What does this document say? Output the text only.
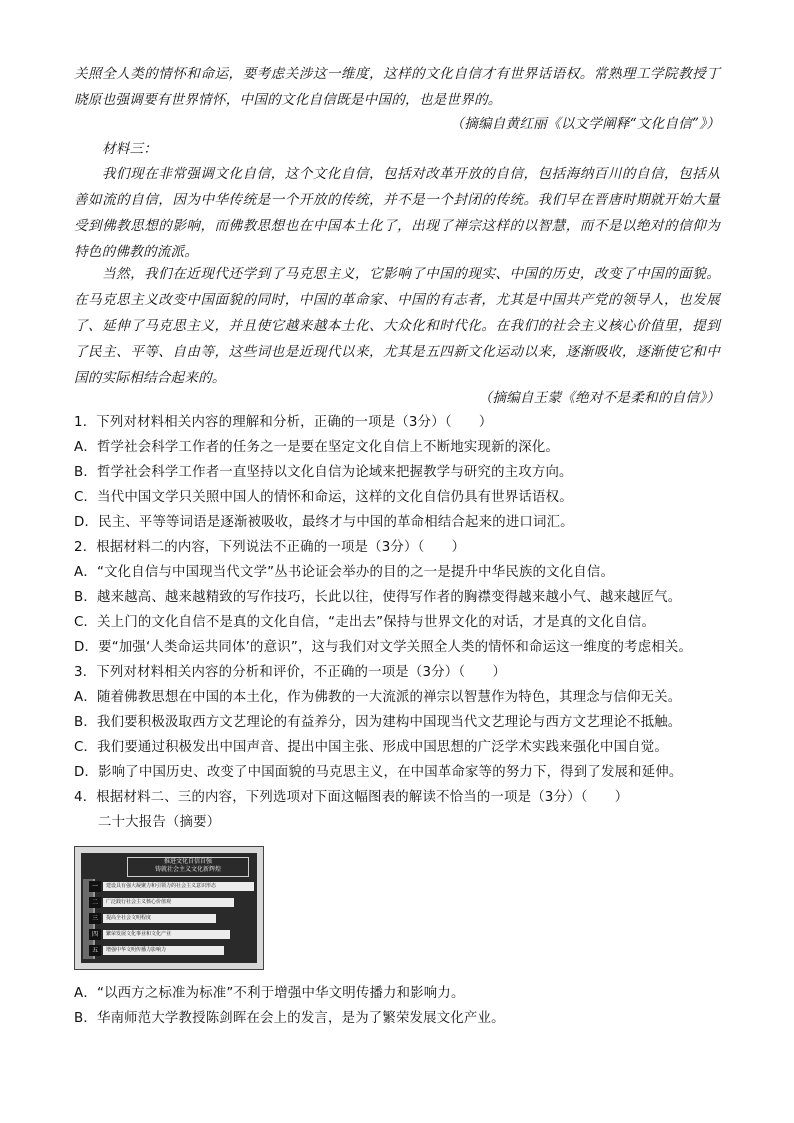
关照全人类的情怀和命运，要考虑关涉这一维度，这样的文化自信才有世界话语权。常熟理工学院教授丁晓原也强调要有世界情怀，中国的文化自信既是中国的，也是世界的。

（摘编自黄红丽《以文学阐释“文化自信”》）

材料三：

我们现在非常强调文化自信，这个文化自信，包括对改革开放的自信，包括海纳百川的自信，包括从善如流的自信，因为中华传统是一个开放的传统，并不是一个封闭的传统。我们早在晋唐时期就开始大量受到佛教思想的影响，而佛教思想也在中国本土化了，出现了禅宗这样的以智慧，而不是以绝对的信仰为特色的佛教的流派。

当然，我们在近现代还学到了马克思主义，它影响了中国的现实、中国的历史，改变了中国的面貌。在马克思主义改变中国面貌的同时，中国的革命家、中国的有志者，尤其是中国共产党的领导人，也发展了、延伸了马克思主义，并且使它越来越本土化、大众化和时代化。在我们的社会主义核心价值里，提到了民主、平等、自由等，这些词也是近现代以来，尤其是五四新文化运动以来，逐渐吸收，逐渐使它和中国的实际相结合起来的。

（摘编自王蒙《绝对不是柔和的自信》）

1．下列对材料相关内容的理解和分析，正确的一项是（3分）（　　）

A．哲学社会科学工作者的任务之一是要在坚定文化自信上不断地实现新的深化。

B．哲学社会科学工作者一直坚持以文化自信为论域来把握教学与研究的主攻方向。

C．当代中国文学只关照中国人的情怀和命运，这样的文化自信仍具有世界话语权。

D．民主、平等等词语是逐渐被吸收，最终才与中国的革命相结合起来的进口词汇。

2．根据材料二的内容，下列说法不正确的一项是（3分）（　　）

A．“文化自信与中国现当代文学”丛书论证会举办的目的之一是提升中华民族的文化自信。

B．越来越高、越来越精致的写作技巧，长此以往，使得写作者的胸襟变得越来越小气、越来越匠气。

C．关上门的文化自信不是真的文化自信，“走出去”保持与世界文化的对话，才是真的文化自信。

D．要“加强‘人类命运共同体’的意识”，这与我们对文学关照全人类的情怀和命运这一维度的考虑相关。

3．下列对材料相关内容的分析和评价，不正确的一项是（3分）（　　）

A．随着佛教思想在中国的本土化，作为佛教的一大流派的禅宗以智慧作为特色，其理念与信仰无关。

B．我们要积极汲取西方文艺理论的有益养分，因为建构中国现当代文艺理论与西方文艺理论不抵触。

C．我们要通过积极发出中国声音、提出中国主张、形成中国思想的广泛学术实践来强化中国自觉。

D．影响了中国历史、改变了中国面貌的马克思主义，在中国革命家等的努力下，得到了发展和延伸。

4．根据材料二、三的内容，下列选项对下面这幅图表的解读不恰当的一项是（3分）（　　）

二十大报告（摘要）

推进文化自信自强
铸就社会主义文化新辉煌
一	建设具有强大凝聚力和引领力的社会主义意识形态
二	广泛践行社会主义核心价值观
三	提高全社会文明程度
四	繁荣发展文化事业和文化产业
五	增强中华文明传播力影响力

A．“以西方之标准为标准”不利于增强中华文明传播力和影响力。

B．华南师范大学教授陈剑晖在会上的发言，是为了繁荣发展文化产业。
